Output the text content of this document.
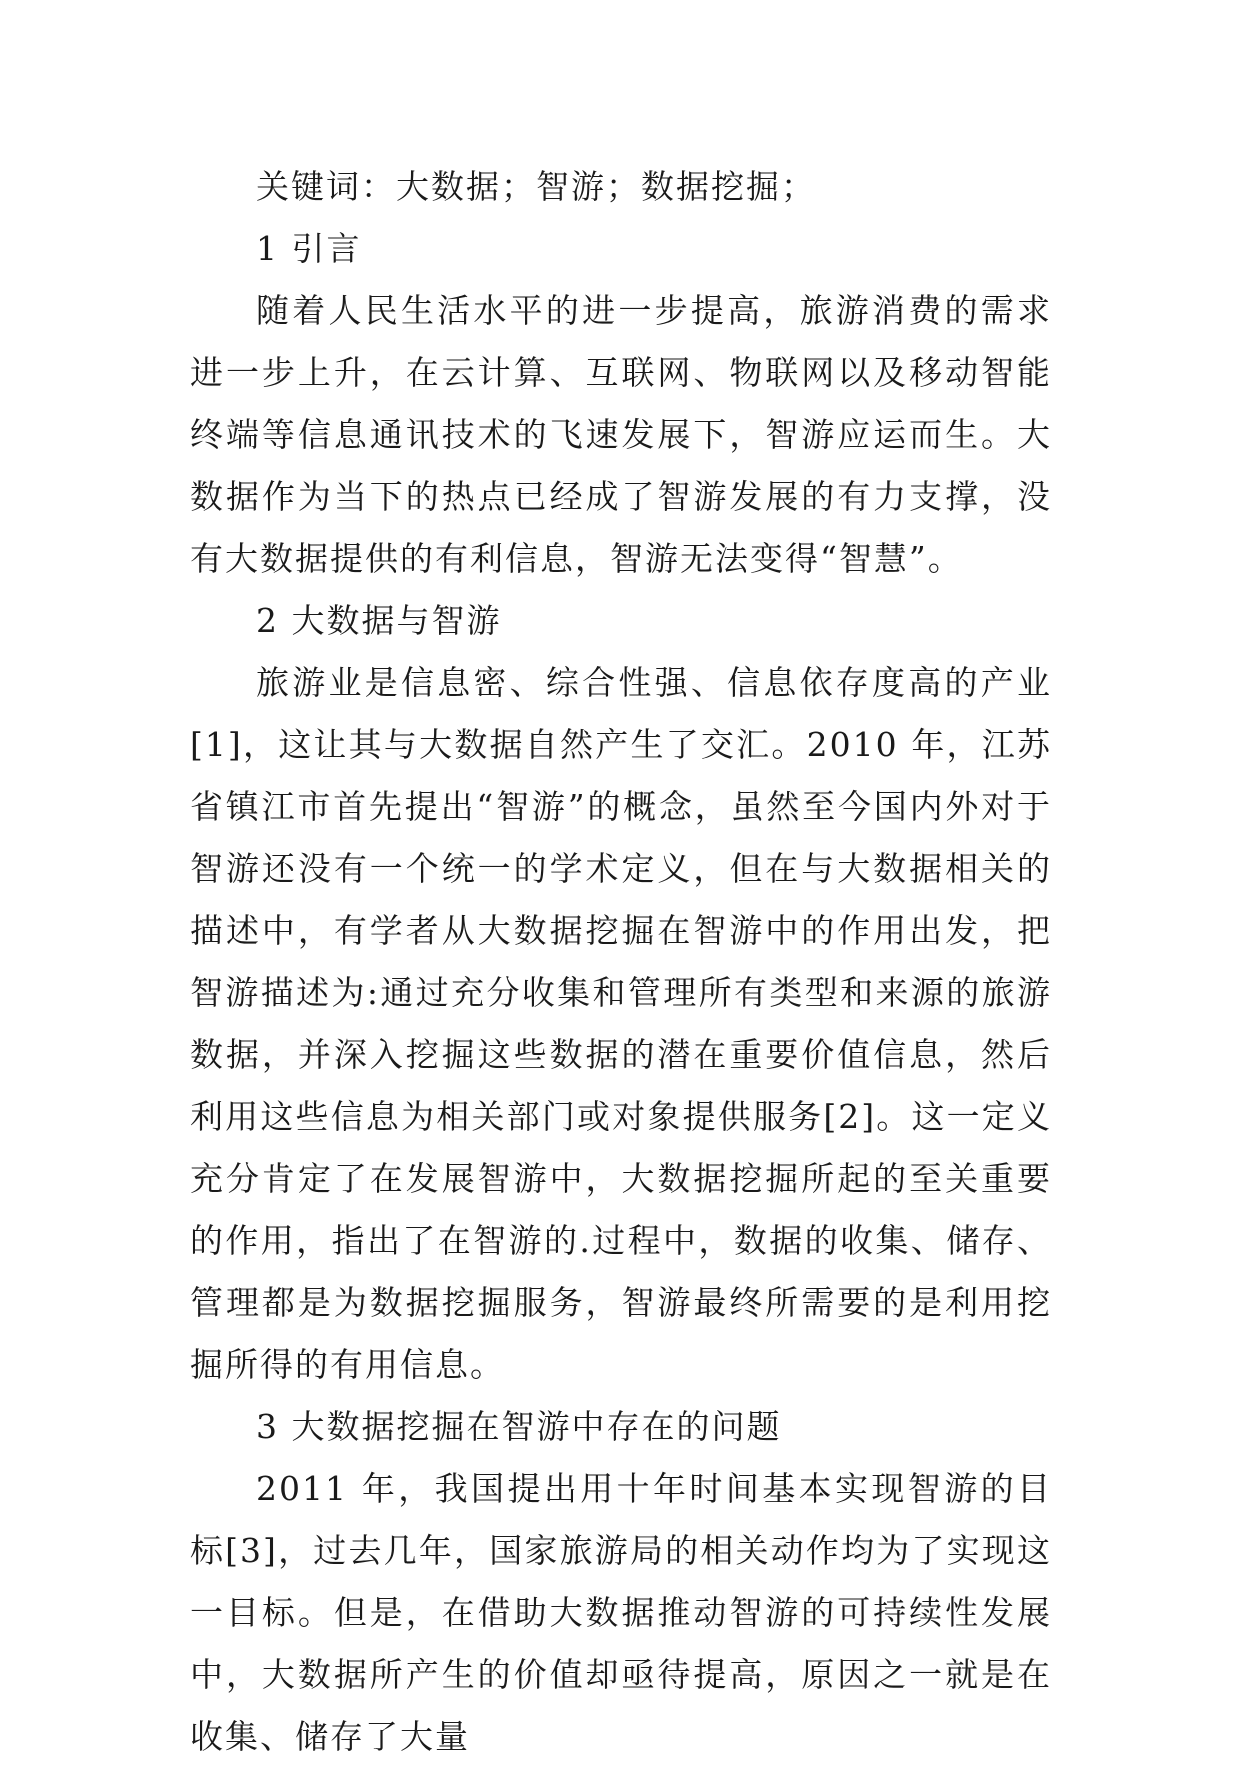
关键词：大数据；智游；数据挖掘；

1 引言

随着人民生活水平的进一步提高，旅游消费的需求进一步上升，在云计算、互联网、物联网以及移动智能终端等信息通讯技术的飞速发展下，智游应运而生。大数据作为当下的热点已经成了智游发展的有力支撑，没有大数据提供的有利信息，智游无法变得“智慧”。

2 大数据与智游

旅游业是信息密、综合性强、信息依存度高的产业[1]，这让其与大数据自然产生了交汇。2010 年，江苏省镇江市首先提出“智游”的概念，虽然至今国内外对于智游还没有一个统一的学术定义，但在与大数据相关的描述中，有学者从大数据挖掘在智游中的作用出发，把智游描述为:通过充分收集和管理所有类型和来源的旅游数据，并深入挖掘这些数据的潜在重要价值信息，然后利用这些信息为相关部门或对象提供服务[2]。这一定义充分肯定了在发展智游中，大数据挖掘所起的至关重要的作用，指出了在智游的.过程中，数据的收集、储存、管理都是为数据挖掘服务，智游最终所需要的是利用挖掘所得的有用信息。

3 大数据挖掘在智游中存在的问题

2011 年，我国提出用十年时间基本实现智游的目标[3]，过去几年，国家旅游局的相关动作均为了实现这一目标。但是，在借助大数据推动智游的可持续性发展中，大数据所产生的价值却亟待提高，原因之一就是在收集、储存了大量
